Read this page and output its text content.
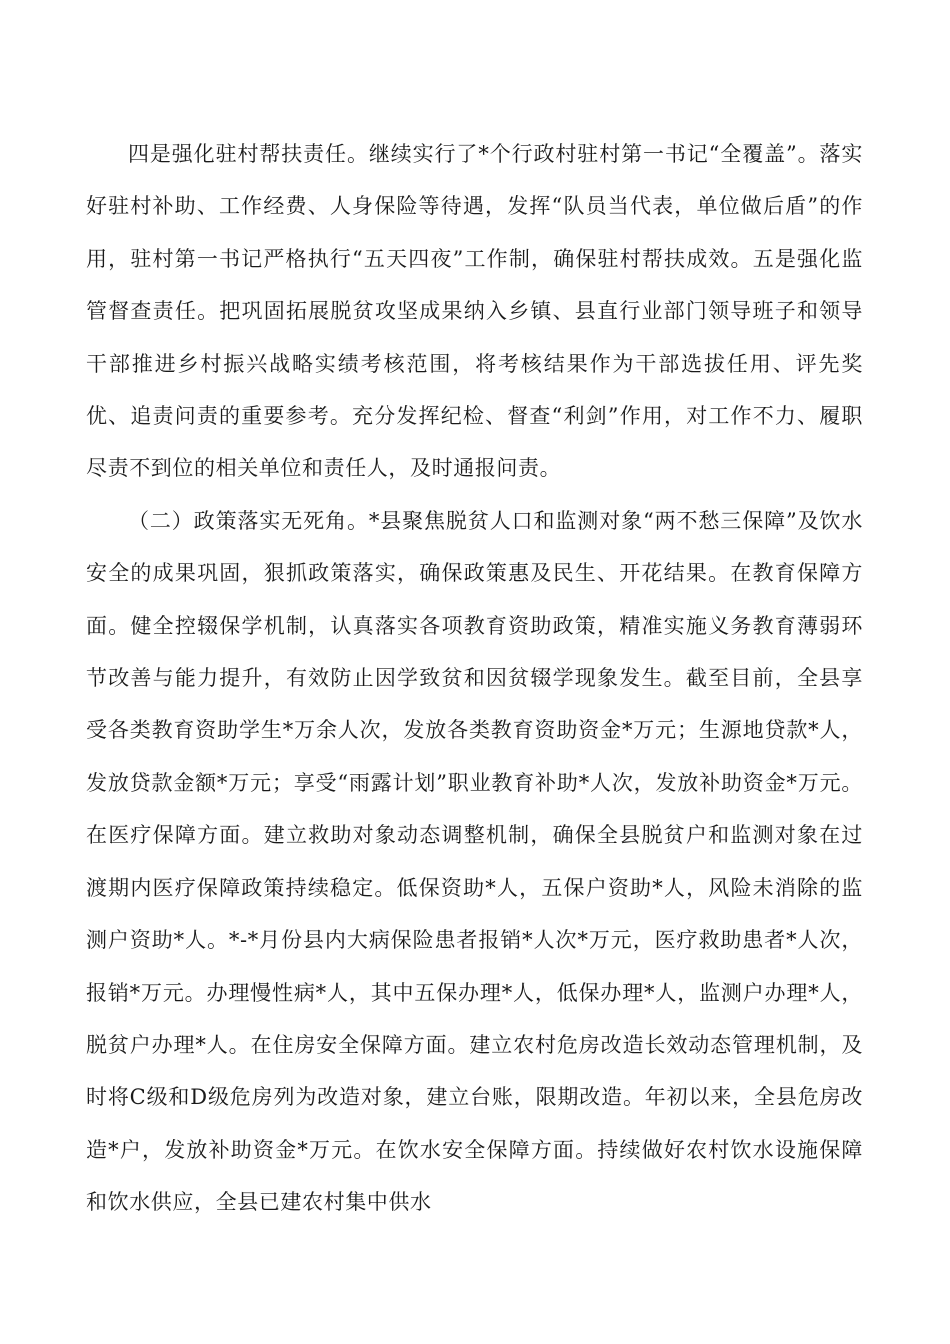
四是强化驻村帮扶责任。继续实行了*个行政村驻村第一书记“全覆盖”。落实好驻村补助、工作经费、人身保险等待遇，发挥“队员当代表，单位做后盾”的作用，驻村第一书记严格执行“五天四夜”工作制，确保驻村帮扶成效。五是强化监管督查责任。把巩固拓展脱贫攻坚成果纳入乡镇、县直行业部门领导班子和领导干部推进乡村振兴战略实绩考核范围，将考核结果作为干部选拔任用、评先奖优、追责问责的重要参考。充分发挥纪检、督查“利剑”作用，对工作不力、履职尽责不到位的相关单位和责任人，及时通报问责。

（二）政策落实无死角。*县聚焦脱贫人口和监测对象“两不愁三保障”及饮水安全的成果巩固，狠抓政策落实，确保政策惠及民生、开花结果。在教育保障方面。健全控辍保学机制，认真落实各项教育资助政策，精准实施义务教育薄弱环节改善与能力提升，有效防止因学致贫和因贫辍学现象发生。截至目前，全县享受各类教育资助学生*万余人次，发放各类教育资助资金*万元；生源地贷款*人，发放贷款金额*万元；享受“雨露计划”职业教育补助*人次，发放补助资金*万元。在医疗保障方面。建立救助对象动态调整机制，确保全县脱贫户和监测对象在过渡期内医疗保障政策持续稳定。低保资助*人，五保户资助*人，风险未消除的监测户资助*人。*-*月份县内大病保险患者报销*人次*万元，医疗救助患者*人次，报销*万元。办理慢性病*人，其中五保办理*人，低保办理*人，监测户办理*人，脱贫户办理*人。在住房安全保障方面。建立农村危房改造长效动态管理机制，及时将C级和D级危房列为改造对象，建立台账，限期改造。年初以来，全县危房改造*户，发放补助资金*万元。在饮水安全保障方面。持续做好农村饮水设施保障和饮水供应，全县已建农村集中供水
